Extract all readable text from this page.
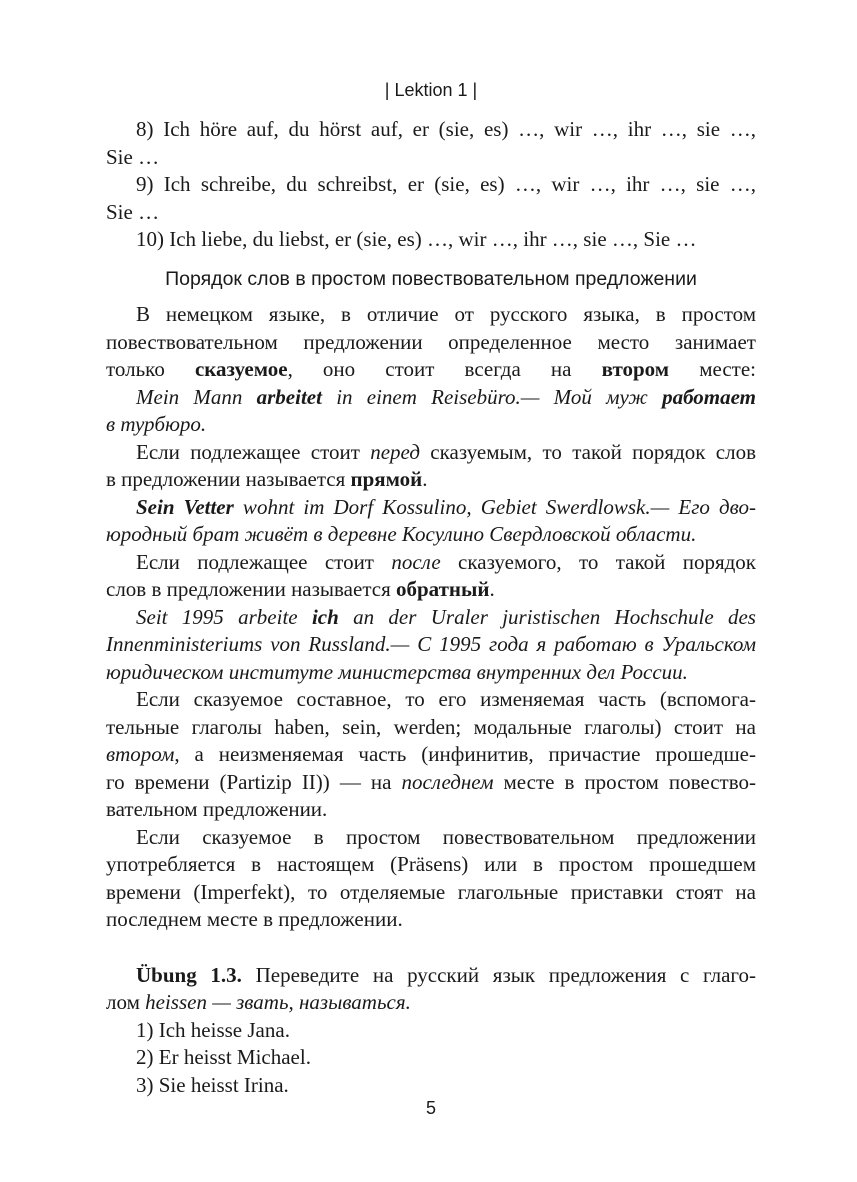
| Lektion 1 |
8) Ich höre auf, du hörst auf, er (sie, es) …, wir …, ihr …, sie …,
Sie …
9) Ich schreibe, du schreibst, er (sie, es) …, wir …, ihr …, sie …,
Sie …
10) Ich liebe, du liebst, er (sie, es) …, wir …, ihr …, sie …, Sie …
Порядок слов в простом повествовательном предложении
В немецком языке, в отличие от русского языка, в простом
повествовательном предложении определенное место занимает
только сказуемое, оно стоит всегда на втором месте:
Mein Mann arbeitet in einem Reisebüro.— Мой муж работает
в турбюро.
Если подлежащее стоит перед сказуемым, то такой порядок слов
в предложении называется прямой.
Sein Vetter wohnt im Dorf Kossulino, Gebiet Swerdlowsk.— Его дво-
юродный брат живёт в деревне Косулино Свердловской области.
Если подлежащее стоит после сказуемого, то такой порядок
слов в предложении называется обратный.
Seit 1995 arbeite ich an der Uraler juristischen Hochschule des
Innenministeriums von Russland.— С 1995 года я работаю в Уральском
юридическом институте министерства внутренних дел России.
Если сказуемое составное, то его изменяемая часть (вспомога-
тельные глаголы haben, sein, werden; модальные глаголы) стоит на
втором, а неизменяемая часть (инфинитив, причастие прошедше-
го времени (Partizip II)) — на последнем месте в простом повество-
вательном предложении.
Если сказуемое в простом повествовательном предложении
употребляется в настоящем (Präsens) или в простом прошедшем
времени (Imperfekt), то отделяемые глагольные приставки стоят на
последнем месте в предложении.
Übung 1.3. Переведите на русский язык предложения с глаго-
лом heissen — звать, называться.
1) Ich heisse Jana.
2) Er heisst Michael.
3) Sie heisst Irina.
5
